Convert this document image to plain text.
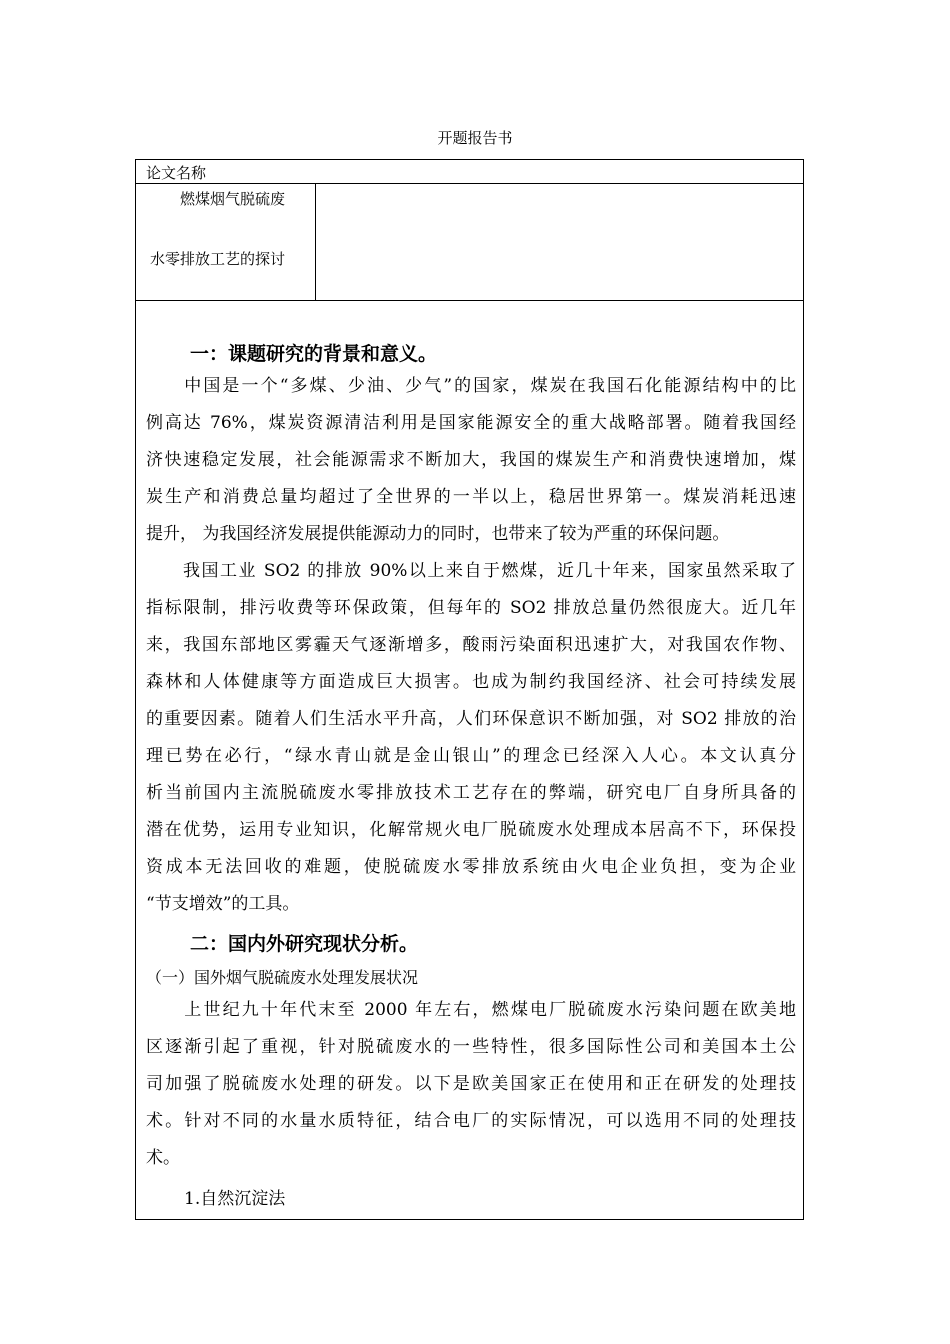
开题报告书
论文名称
燃煤烟气脱硫废
水零排放工艺的探讨
一：课题研究的背景和意义。
　　中国是一个“多煤、少油、少气”的国家，煤炭在我国石化能源结构中的比
例高达 76%，煤炭资源清洁利用是国家能源安全的重大战略部署。随着我国经
济快速稳定发展，社会能源需求不断加大，我国的煤炭生产和消费快速增加，煤
炭生产和消费总量均超过了全世界的一半以上，稳居世界第一。煤炭消耗迅速
提升， 为我国经济发展提供能源动力的同时，也带来了较为严重的环保问题。
　　我国工业 SO2 的排放 90%以上来自于燃煤，近几十年来，国家虽然采取了
指标限制，排污收费等环保政策，但每年的 SO2 排放总量仍然很庞大。近几年
来，我国东部地区雾霾天气逐渐增多，酸雨污染面积迅速扩大，对我国农作物、
森林和人体健康等方面造成巨大损害。也成为制约我国经济、社会可持续发展
的重要因素。随着人们生活水平升高，人们环保意识不断加强，对 SO2 排放的治
理已势在必行，“绿水青山就是金山银山”的理念已经深入人心。本文认真分
析当前国内主流脱硫废水零排放技术工艺存在的弊端，研究电厂自身所具备的
潜在优势，运用专业知识，化解常规火电厂脱硫废水处理成本居高不下，环保投
资成本无法回收的难题，使脱硫废水零排放系统由火电企业负担，变为企业
“节支增效”的工具。
二：国内外研究现状分析。
（一）国外烟气脱硫废水处理发展状况
　　上世纪九十年代末至 2000 年左右，燃煤电厂脱硫废水污染问题在欧美地
区逐渐引起了重视，针对脱硫废水的一些特性，很多国际性公司和美国本土公
司加强了脱硫废水处理的研发。以下是欧美国家正在使用和正在研发的处理技
术。针对不同的水量水质特征，结合电厂的实际情况，可以选用不同的处理技
术。
1.自然沉淀法
